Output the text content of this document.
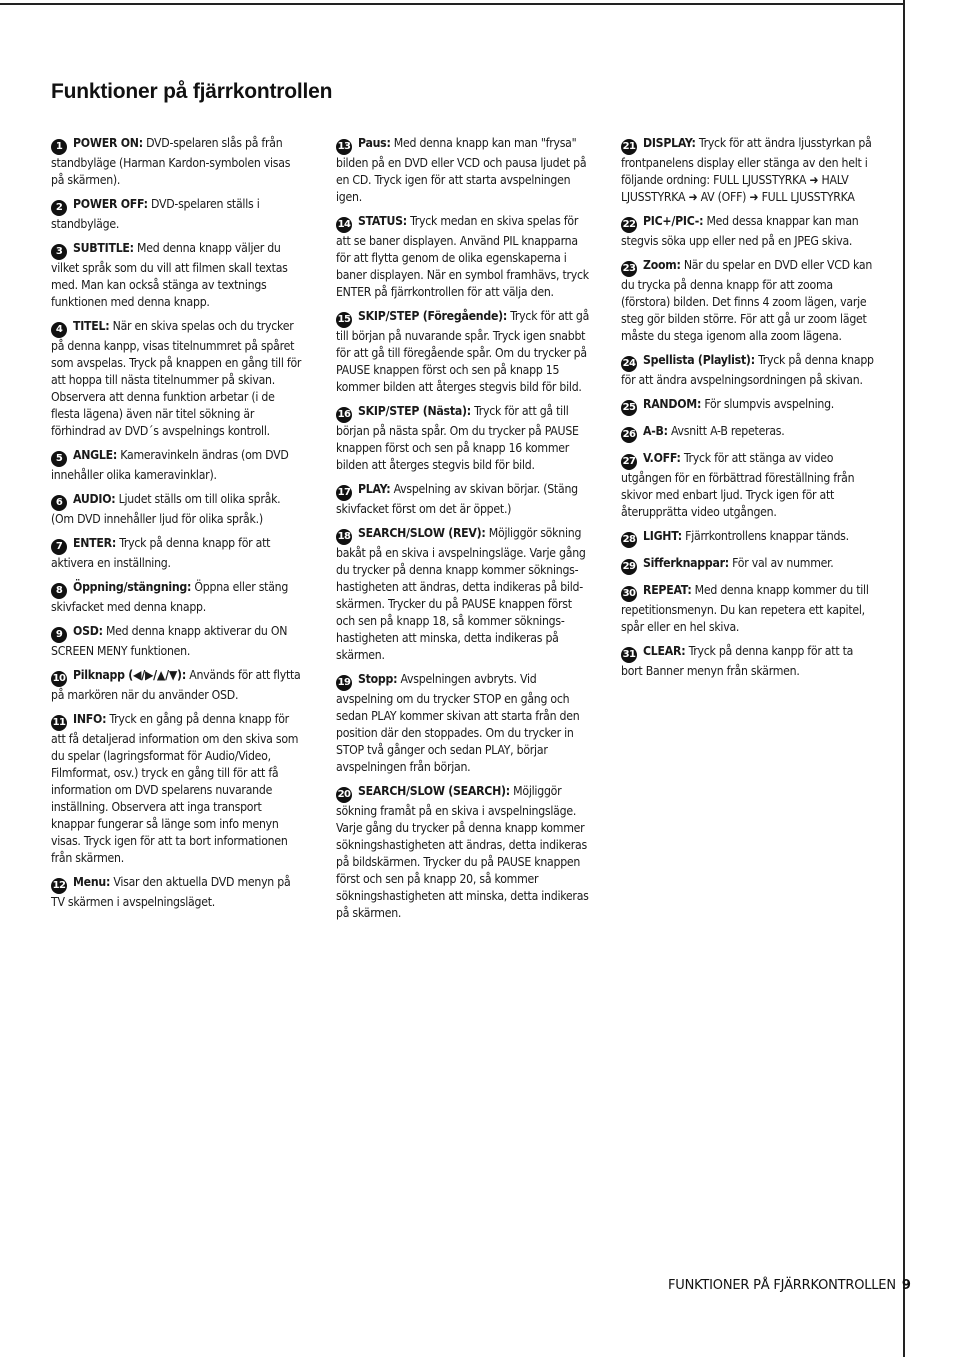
Funktioner på fjärrkontrollen

1 POWER ON: DVD-spelaren slås på från standbyläge (Harman Kardon-symbolen visas på skärmen).

2 POWER OFF: DVD-spelaren ställs i standbyläge.

3 SUBTITLE: Med denna knapp väljer du vilket språk som du vill att filmen skall textas med. Man kan också stänga av textnings funktionen med denna knapp.

4 TITEL: När en skiva spelas och du trycker på denna kanpp, visas titelnummret på spåret som avspelas. Tryck på knappen en gång till för att hoppa till nästa titelnummer på skivan.

Observera att denna funktion arbetar (i de flesta lägena) även när titel sökning är förhindrad av DVD´s avspelnings kontroll.

5 ANGLE: Kameravinkeln ändras (om DVD innehåller olika kameravinklar).

6 AUDIO: Ljudet ställs om till olika språk. (Om DVD innehåller ljud för olika språk.)

7 ENTER: Tryck på denna knapp för att aktivera en inställning.

8 Öppning/stängning: Öppna eller stäng skivfacket med denna knapp.

9 OSD: Med denna knapp aktiverar du ON SCREEN MENY funktionen.

10 Pilknapp (◀/▶/▲/▼): Används för att flytta på markören när du använder OSD.

11 INFO: Tryck en gång på denna knapp för att få detaljerad information om den skiva som du spelar (lagringsformat för Audio/Video, Filmformat, osv.) tryck en gång till för att få information om DVD spelarens nuvarande inställning. Observera att inga transport knappar fungerar så länge som info menyn visas. Tryck igen för att ta bort informationen från skärmen.

12 Menu: Visar den aktuella DVD menyn på TV skärmen i avspelningsläget.

13 Paus: Med denna knapp kan man "frysa" bilden på en DVD eller VCD och pausa ljudet på en CD. Tryck igen för att starta avspelningen igen.

14 STATUS: Tryck medan en skiva spelas för att se baner displayen. Använd PIL knapparna för att flytta genom de olika egenskaperna i baner displayen. När en symbol framhävs, tryck ENTER på fjärrkontrollen för att välja den.

15 SKIP/STEP (Föregående): Tryck för att gå till början på nuvarande spår. Tryck igen snabbt för att gå till föregående spår. Om du trycker på PAUSE knappen först och sen på knapp 15 kommer bilden att återges stegvis bild för bild.

16 SKIP/STEP (Nästa): Tryck för att gå till början på nästa spår. Om du trycker på PAUSE knappen först och sen på knapp 16 kommer bilden att återges stegvis bild för bild.

17 PLAY: Avspelning av skivan börjar. (Stäng skivfacket först om det är öppet.)

18 SEARCH/SLOW (REV): Möjliggör sökning bakåt på en skiva i avspelningsläge. Varje gång du trycker på denna knapp kommer söknings-hastigheten att ändras, detta indikeras på bild-skärmen. Trycker du på PAUSE knappen först och sen på knapp 18, så kommer söknings-hastigheten att minska, detta indikeras på skärmen.

19 Stopp: Avspelningen avbryts. Vid avspelning om du trycker STOP en gång och sedan PLAY kommer skivan att starta från den position där den stoppades. Om du trycker in STOP två gånger och sedan PLAY, börjar avspelningen från början.

20 SEARCH/SLOW (SEARCH): Möjliggör sökning framåt på en skiva i avspelningsläge. Varje gång du trycker på denna knapp kommer sökningshastigheten att ändras, detta indikeras på bildskärmen. Trycker du på PAUSE knappen först och sen på knapp 20, så kommer sökningshastigheten att minska, detta indikeras på skärmen.

21 DISPLAY: Tryck för att ändra ljusstyrkan på frontpanelens display eller stänga av den helt i följande ordning: FULL LJUSSTYRKA ➜ HALV LJUSSTYRKA ➜ AV (OFF) ➜ FULL LJUSSTYRKA

22 PIC+/PIC-: Med dessa knappar kan man stegvis söka upp eller ned på en JPEG skiva.

23 Zoom: När du spelar en DVD eller VCD kan du trycka på denna knapp för att zooma (förstora) bilden. Det finns 4 zoom lägen, varje steg gör bilden större. För att gå ur zoom läget måste du stega igenom alla zoom lägena.

24 Spellista (Playlist): Tryck på denna knapp för att ändra avspelningsordningen på skivan.

25 RANDOM: För slumpvis avspelning.

26 A-B: Avsnitt A-B repeteras.

27 V.OFF: Tryck för att stänga av video utgången för en förbättrad föreställning från skivor med enbart ljud. Tryck igen för att återupprätta video utgången.

28 LIGHT: Fjärrkontrollens knappar tänds.

29 Sifferknappar: För val av nummer.

30 REPEAT: Med denna knapp kommer du till repetitionsmenyn. Du kan repetera ett kapitel, spår eller en hel skiva.

31 CLEAR: Tryck på denna kanpp för att ta bort Banner menyn från skärmen.

FUNKTIONER PÅ FJÄRRKONTROLLEN 9
